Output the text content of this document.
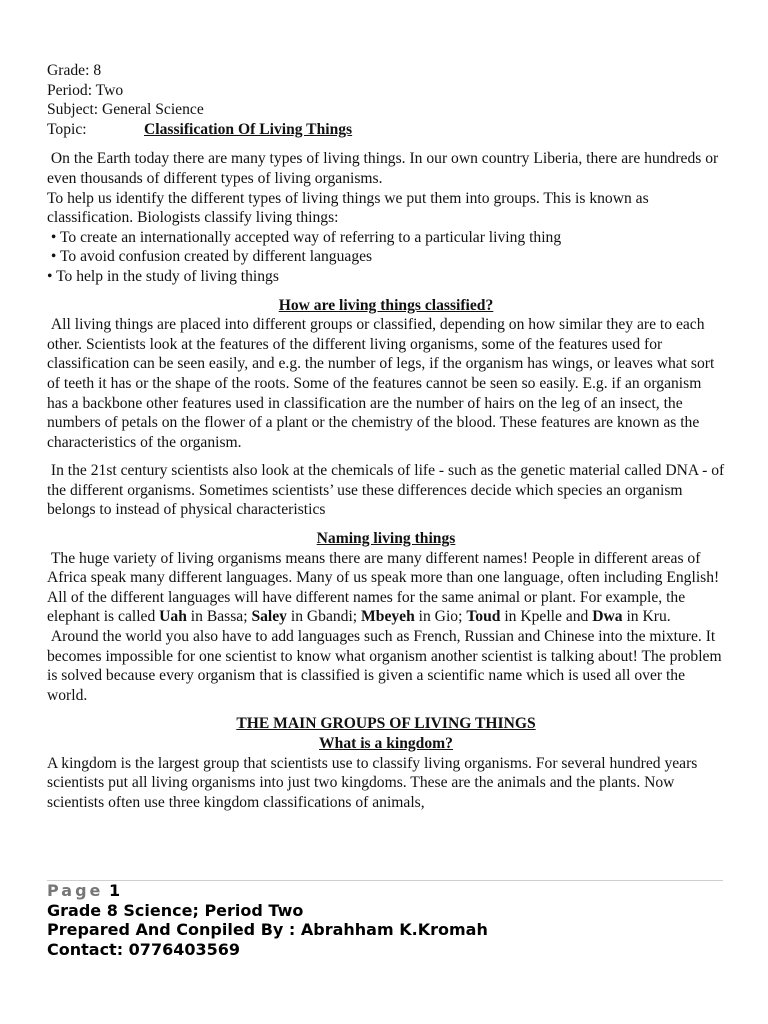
Grade: 8

Period: Two

Subject: General Science

Topic:	Classification Of Living Things

On the Earth today there are many types of living things. In our own country Liberia, there are hundreds or even thousands of different types of living organisms.

To help us identify the different types of living things we put them into groups. This is known as classification. Biologists classify living things:

• To create an internationally accepted way of referring to a particular living thing

• To avoid confusion created by different languages

• To help in the study of living things

How are living things classified?

All living things are placed into different groups or classified, depending on how similar they are to each other. Scientists look at the features of the different living organisms, some of the features used for classification can be seen easily, and e.g. the number of legs, if the organism has wings, or leaves what sort of teeth it has or the shape of the roots. Some of the features cannot be seen so easily. E.g. if an organism has a backbone other features used in classification are the number of hairs on the leg of an insect, the numbers of petals on the flower of a plant or the chemistry of the blood. These features are known as the characteristics of the organism.

In the 21st century scientists also look at the chemicals of life - such as the genetic material called DNA - of the different organisms. Sometimes scientists’ use these differences decide which species an organism belongs to instead of physical characteristics

Naming living things

The huge variety of living organisms means there are many different names! People in different areas of Africa speak many different languages. Many of us speak more than one language, often including English!

All of the different languages will have different names for the same animal or plant. For example, the elephant is called Uah in Bassa; Saley in Gbandi; Mbeyeh in Gio; Toud in Kpelle and Dwa in Kru.

Around the world you also have to add languages such as French, Russian and Chinese into the mixture. It becomes impossible for one scientist to know what organism another scientist is talking about! The problem is solved because every organism that is classified is given a scientific name which is used all over the world.

THE MAIN GROUPS OF LIVING THINGS

What is a kingdom?

A kingdom is the largest group that scientists use to classify living organisms. For several hundred years scientists put all living organisms into just two kingdoms. These are the animals and the plants. Now scientists often use three kingdom classifications of animals,

Page 1
Grade 8 Science; Period Two
Prepared And Conpiled By : Abrahham K.Kromah
Contact: 0776403569
